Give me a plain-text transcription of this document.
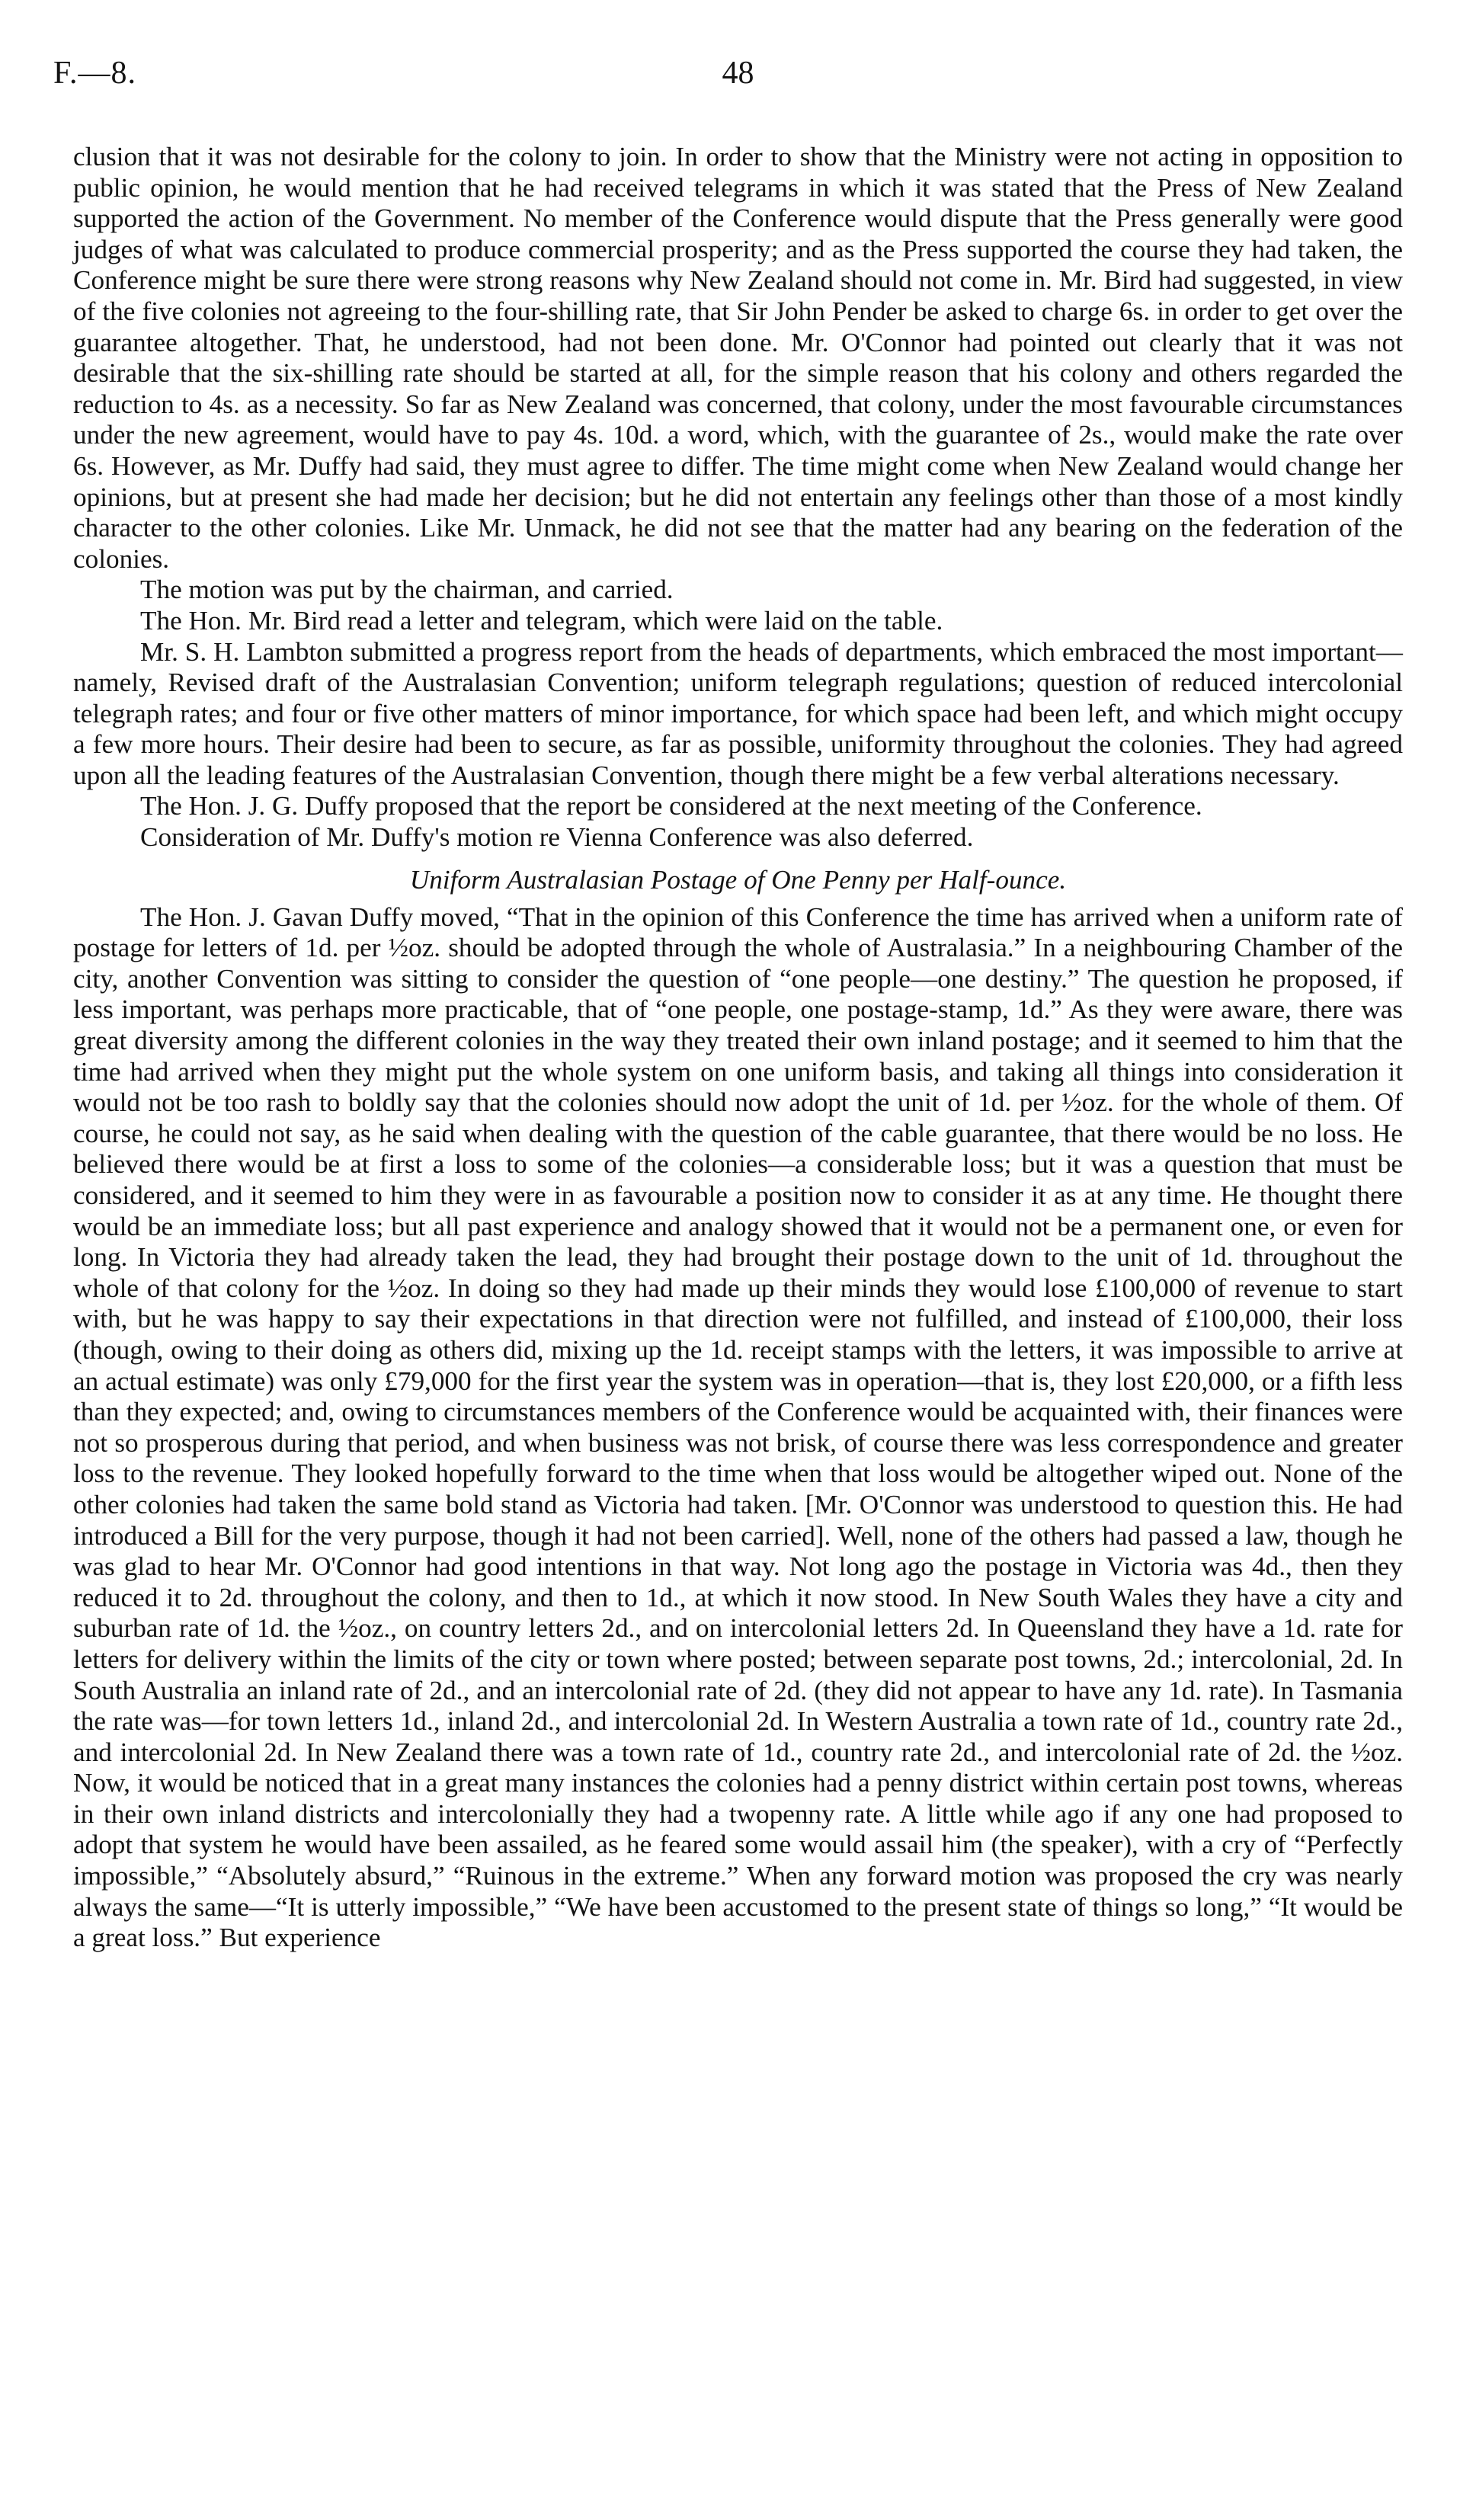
F.—8.	48

clusion that it was not desirable for the colony to join. In order to show that the Ministry were not acting in opposition to public opinion, he would mention that he had received telegrams in which it was stated that the Press of New Zealand supported the action of the Government. No member of the Conference would dispute that the Press generally were good judges of what was calculated to produce commercial prosperity; and as the Press supported the course they had taken, the Conference might be sure there were strong reasons why New Zealand should not come in. Mr. Bird had suggested, in view of the five colonies not agreeing to the four-shilling rate, that Sir John Pender be asked to charge 6s. in order to get over the guarantee altogether. That, he understood, had not been done. Mr. O'Connor had pointed out clearly that it was not desirable that the six-shilling rate should be started at all, for the simple reason that his colony and others regarded the reduction to 4s. as a necessity. So far as New Zealand was concerned, that colony, under the most favourable circumstances under the new agreement, would have to pay 4s. 10d. a word, which, with the guarantee of 2s., would make the rate over 6s. However, as Mr. Duffy had said, they must agree to differ. The time might come when New Zealand would change her opinions, but at present she had made her decision; but he did not entertain any feelings other than those of a most kindly character to the other colonies. Like Mr. Unmack, he did not see that the matter had any bearing on the federation of the colonies.

The motion was put by the chairman, and carried.

The Hon. Mr. Bird read a letter and telegram, which were laid on the table.

Mr. S. H. Lambton submitted a progress report from the heads of departments, which embraced the most important—namely, Revised draft of the Australasian Convention; uniform telegraph regulations; question of reduced intercolonial telegraph rates; and four or five other matters of minor importance, for which space had been left, and which might occupy a few more hours. Their desire had been to secure, as far as possible, uniformity throughout the colonies. They had agreed upon all the leading features of the Australasian Convention, though there might be a few verbal alterations necessary.

The Hon. J. G. Duffy proposed that the report be considered at the next meeting of the Conference.

Consideration of Mr. Duffy's motion re Vienna Conference was also deferred.

Uniform Australasian Postage of One Penny per Half-ounce.

The Hon. J. Gavan Duffy moved, “That in the opinion of this Conference the time has arrived when a uniform rate of postage for letters of 1d. per ½oz. should be adopted through the whole of Australasia.” In a neighbouring Chamber of the city, another Convention was sitting to consider the question of “one people—one destiny.” The question he proposed, if less important, was perhaps more practicable, that of “one people, one postage-stamp, 1d.” As they were aware, there was great diversity among the different colonies in the way they treated their own inland postage; and it seemed to him that the time had arrived when they might put the whole system on one uniform basis, and taking all things into consideration it would not be too rash to boldly say that the colonies should now adopt the unit of 1d. per ½oz. for the whole of them. Of course, he could not say, as he said when dealing with the question of the cable guarantee, that there would be no loss. He believed there would be at first a loss to some of the colonies—a considerable loss; but it was a question that must be considered, and it seemed to him they were in as favourable a position now to consider it as at any time. He thought there would be an immediate loss; but all past experience and analogy showed that it would not be a permanent one, or even for long. In Victoria they had already taken the lead, they had brought their postage down to the unit of 1d. throughout the whole of that colony for the ½oz. In doing so they had made up their minds they would lose £100,000 of revenue to start with, but he was happy to say their expectations in that direction were not fulfilled, and instead of £100,000, their loss (though, owing to their doing as others did, mixing up the 1d. receipt stamps with the letters, it was impossible to arrive at an actual estimate) was only £79,000 for the first year the system was in operation—that is, they lost £20,000, or a fifth less than they expected; and, owing to circumstances members of the Conference would be acquainted with, their finances were not so prosperous during that period, and when business was not brisk, of course there was less correspondence and greater loss to the revenue. They looked hopefully forward to the time when that loss would be altogether wiped out. None of the other colonies had taken the same bold stand as Victoria had taken. [Mr. O'Connor was understood to question this. He had introduced a Bill for the very purpose, though it had not been carried]. Well, none of the others had passed a law, though he was glad to hear Mr. O'Connor had good intentions in that way. Not long ago the postage in Victoria was 4d., then they reduced it to 2d. throughout the colony, and then to 1d., at which it now stood. In New South Wales they have a city and suburban rate of 1d. the ½oz., on country letters 2d., and on intercolonial letters 2d. In Queensland they have a 1d. rate for letters for delivery within the limits of the city or town where posted; between separate post towns, 2d.; intercolonial, 2d. In South Australia an inland rate of 2d., and an intercolonial rate of 2d. (they did not appear to have any 1d. rate). In Tasmania the rate was—for town letters 1d., inland 2d., and intercolonial 2d. In Western Australia a town rate of 1d., country rate 2d., and intercolonial 2d. In New Zealand there was a town rate of 1d., country rate 2d., and intercolonial rate of 2d. the ½oz. Now, it would be noticed that in a great many instances the colonies had a penny district within certain post towns, whereas in their own inland districts and intercolonially they had a twopenny rate. A little while ago if any one had proposed to adopt that system he would have been assailed, as he feared some would assail him (the speaker), with a cry of “Perfectly impossible,” “Absolutely absurd,” “Ruinous in the extreme.” When any forward motion was proposed the cry was nearly always the same—“It is utterly impossible,” “We have been accustomed to the present state of things so long,” “It would be a great loss.” But experience
